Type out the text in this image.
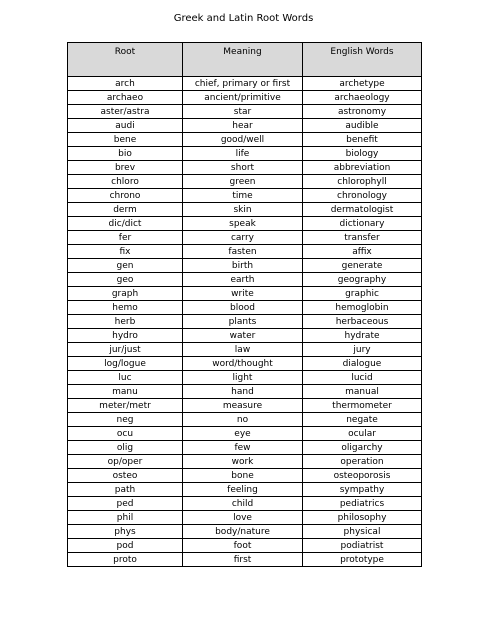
Greek and Latin Root Words
Root	Meaning	English Words
arch	chief, primary or first	archetype
archaeo	ancient/primitive	archaeology
aster/astra	star	astronomy
audi	hear	audible
bene	good/well	benefit
bio	life	biology
brev	short	abbreviation
chloro	green	chlorophyll
chrono	time	chronology
derm	skin	dermatologist
dic/dict	speak	dictionary
fer	carry	transfer
fix	fasten	affix
gen	birth	generate
geo	earth	geography
graph	write	graphic
hemo	blood	hemoglobin
herb	plants	herbaceous
hydro	water	hydrate
jur/just	law	jury
log/logue	word/thought	dialogue
luc	light	lucid
manu	hand	manual
meter/metr	measure	thermometer
neg	no	negate
ocu	eye	ocular
olig	few	oligarchy
op/oper	work	operation
osteo	bone	osteoporosis
path	feeling	sympathy
ped	child	pediatrics
phil	love	philosophy
phys	body/nature	physical
pod	foot	podiatrist
proto	first	prototype
